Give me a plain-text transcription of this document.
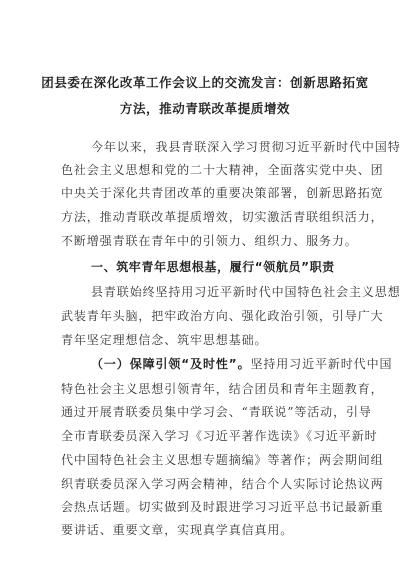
团县委在深化改革工作会议上的交流发言：创新思路拓宽
方法，推动青联改革提质增效
今年以来，我县青联深入学习贯彻习近平新时代中国特
色社会主义思想和党的二十大精神，全面落实党中央、团
中央关于深化共青团改革的重要决策部署，创新思路拓宽
方法，推动青联改革提质增效，切实激活青联组织活力，
不断增强青联在青年中的引领力、组织力、服务力。
一、筑牢青年思想根基，履行“领航员”职责
县青联始终坚持用习近平新时代中国特色社会主义思想
武装青年头脑，把牢政治方向、强化政治引领，引导广大
青年坚定理想信念、筑牢思想基础。
（一）保障引领“及时性”。坚持用习近平新时代中国
特色社会主义思想引领青年，结合团员和青年主题教育，
通过开展青联委员集中学习会、“青联说”等活动，引导
全市青联委员深入学习《习近平著作选读》《习近平新时
代中国特色社会主义思想专题摘编》等著作；两会期间组
织青联委员深入学习两会精神，结合个人实际讨论热议两
会热点话题。切实做到及时跟进学习习近平总书记最新重
要讲话、重要文章，实现真学真信真用。
